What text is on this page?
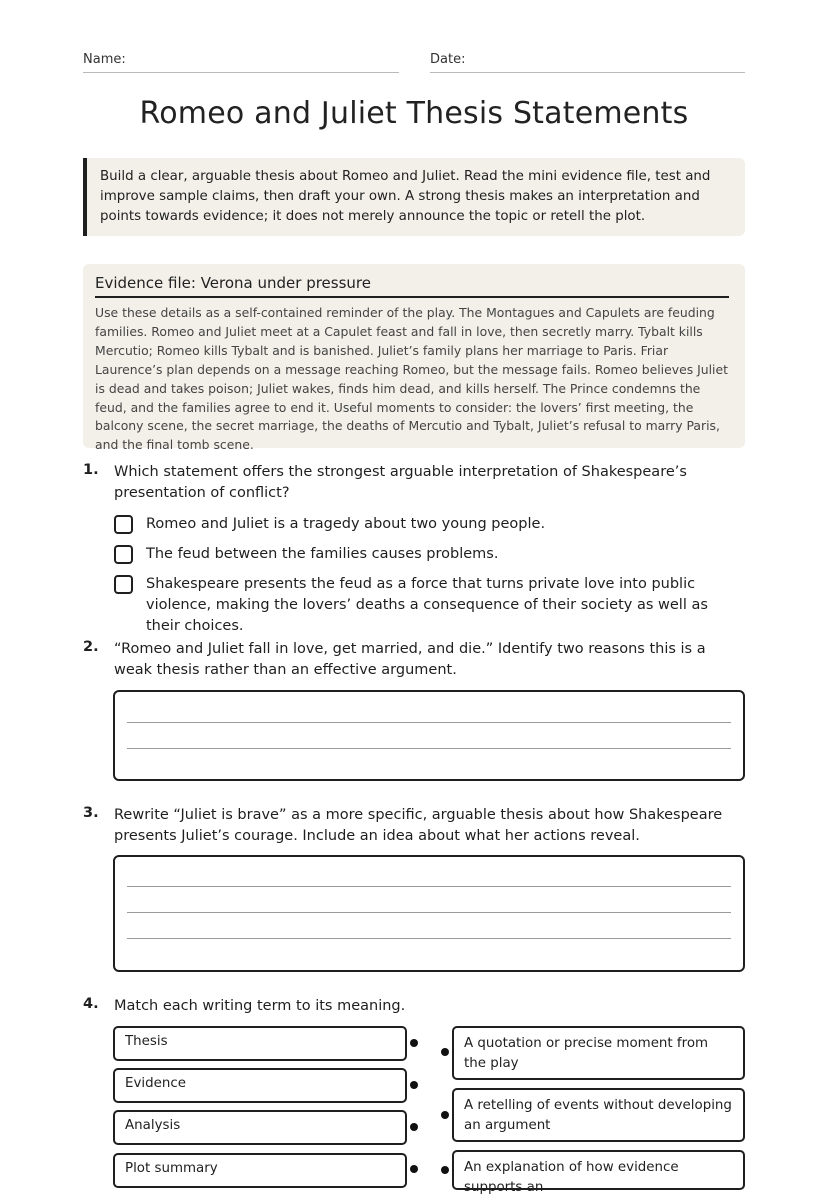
Name:	Date:
Romeo and Juliet Thesis Statements
Build a clear, arguable thesis about Romeo and Juliet. Read the mini evidence file, test and improve sample claims, then draft your own. A strong thesis makes an interpretation and points towards evidence; it does not merely announce the topic or retell the plot.
Evidence file: Verona under pressure
Use these details as a self-contained reminder of the play. The Montagues and Capulets are feuding families. Romeo and Juliet meet at a Capulet feast and fall in love, then secretly marry. Tybalt kills Mercutio; Romeo kills Tybalt and is banished. Juliet’s family plans her marriage to Paris. Friar Laurence’s plan depends on a message reaching Romeo, but the message fails. Romeo believes Juliet is dead and takes poison; Juliet wakes, finds him dead, and kills herself. The Prince condemns the feud, and the families agree to end it. Useful moments to consider: the lovers’ first meeting, the balcony scene, the secret marriage, the deaths of Mercutio and Tybalt, Juliet’s refusal to marry Paris, and the final tomb scene.
1. Which statement offers the strongest arguable interpretation of Shakespeare’s presentation of conflict?
Romeo and Juliet is a tragedy about two young people.
The feud between the families causes problems.
Shakespeare presents the feud as a force that turns private love into public violence, making the lovers’ deaths a consequence of their society as well as their choices.
2. “Romeo and Juliet fall in love, get married, and die.” Identify two reasons this is a weak thesis rather than an effective argument.
3. Rewrite “Juliet is brave” as a more specific, arguable thesis about how Shakespeare presents Juliet’s courage. Include an idea about what her actions reveal.
4. Match each writing term to its meaning.
Thesis
Evidence
Analysis
Plot summary
A quotation or precise moment from the play
A retelling of events without developing an argument
An explanation of how evidence supports an
